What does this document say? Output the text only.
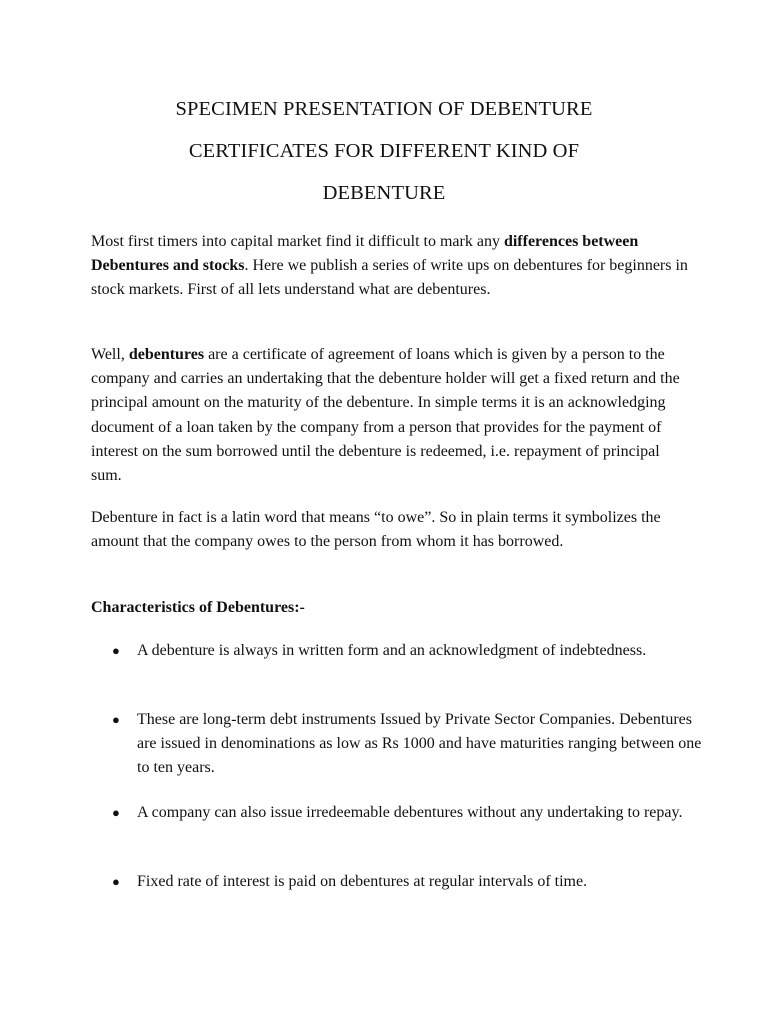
SPECIMEN PRESENTATION OF DEBENTURE
CERTIFICATES FOR DIFFERENT KIND OF
DEBENTURE

Most first timers into capital market find it difficult to mark any differences between Debentures and stocks. Here we publish a series of write ups on debentures for beginners in stock markets. First of all lets understand what are debentures.

Well, debentures are a certificate of agreement of loans which is given by a person to the company and carries an undertaking that the debenture holder will get a fixed return and the principal amount on the maturity of the debenture. In simple terms it is an acknowledging document of a loan taken by the company from a person that provides for the payment of interest on the sum borrowed until the debenture is redeemed, i.e. repayment of principal sum.

Debenture in fact is a latin word that means “to owe”. So in plain terms it symbolizes the amount that the company owes to the person from whom it has borrowed.

Characteristics of Debentures:-

●	A debenture is always in written form and an acknowledgment of indebtedness.
●	These are long-term debt instruments Issued by Private Sector Companies. Debentures are issued in denominations as low as Rs 1000 and have maturities ranging between one to ten years.
●	A company can also issue irredeemable debentures without any undertaking to repay.
●	Fixed rate of interest is paid on debentures at regular intervals of time.
